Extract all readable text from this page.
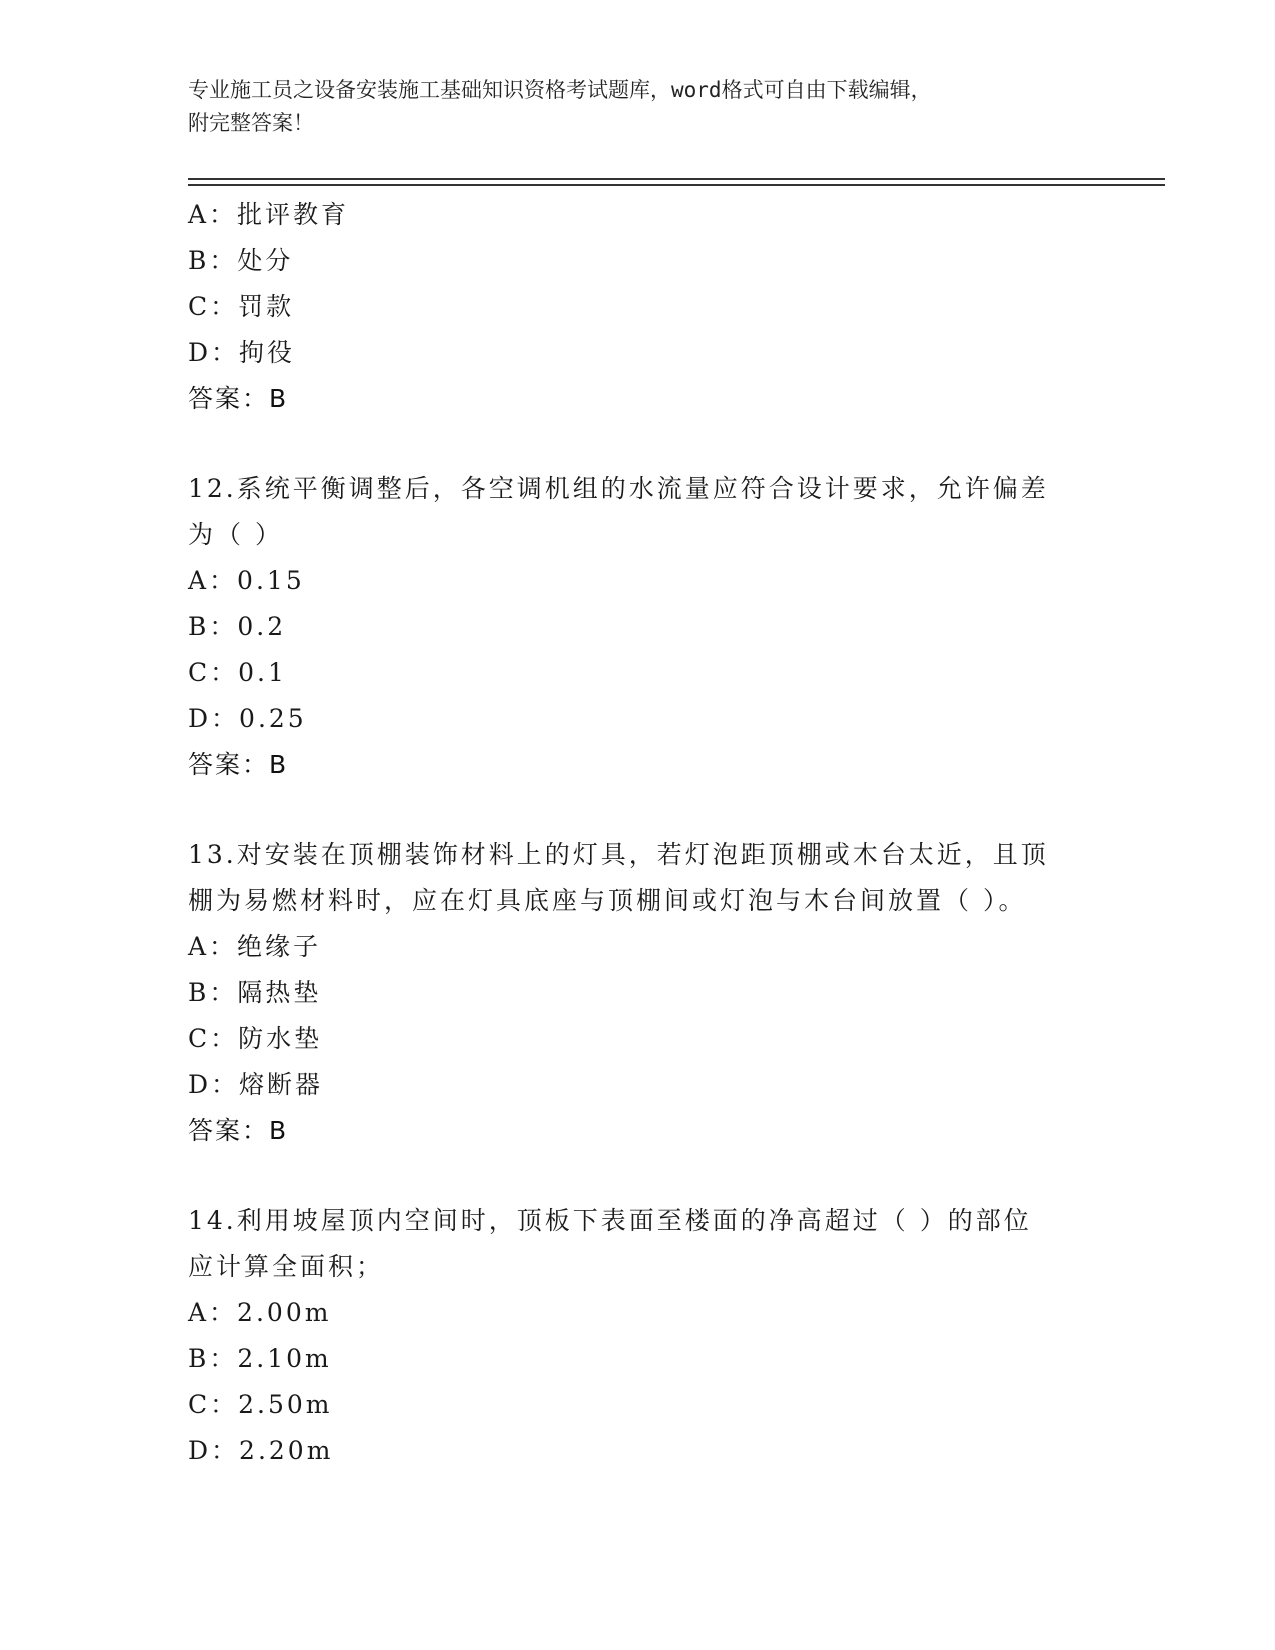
专业施工员之设备安装施工基础知识资格考试题库，word格式可自由下载编辑，
附完整答案！
A：批评教育
B：处分
C：罚款
D：拘役
答案：B
12.系统平衡调整后，各空调机组的水流量应符合设计要求，允许偏差
为（ ）
A：0.15
B：0.2
C：0.1
D：0.25
答案：B
13.对安装在顶棚装饰材料上的灯具，若灯泡距顶棚或木台太近，且顶
棚为易燃材料时，应在灯具底座与顶棚间或灯泡与木台间放置（ ）。
A：绝缘子
B：隔热垫
C：防水垫
D：熔断器
答案：B
14.利用坡屋顶内空间时，顶板下表面至楼面的净高超过（ ）的部位
应计算全面积；
A：2.00m
B：2.10m
C：2.50m
D：2.20m
